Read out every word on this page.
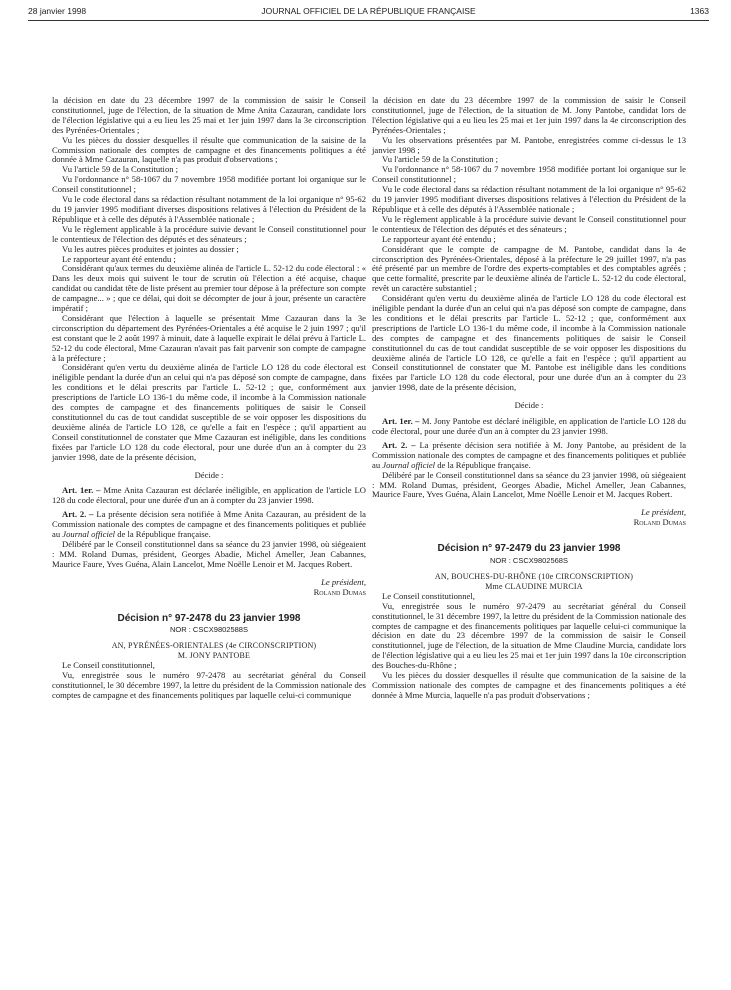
28 janvier 1998	JOURNAL OFFICIEL DE LA RÉPUBLIQUE FRANÇAISE	1363

la décision en date du 23 décembre 1997 de la commission de saisir le Conseil constitutionnel, juge de l'élection, de la situation de Mme Anita Cazauran, candidate lors de l'élection législative qui a eu lieu les 25 mai et 1er juin 1997 dans la 3e circonscription des Pyrénées-Orientales ;

Vu les pièces du dossier desquelles il résulte que communication de la saisine de la Commission nationale des comptes de campagne et des financements politiques a été donnée à Mme Cazauran, laquelle n'a pas produit d'observations ;

Vu l'article 59 de la Constitution ;

Vu l'ordonnance n° 58-1067 du 7 novembre 1958 modifiée portant loi organique sur le Conseil constitutionnel ;

Vu le code électoral dans sa rédaction résultant notamment de la loi organique n° 95-62 du 19 janvier 1995 modifiant diverses dispositions relatives à l'élection du Président de la République et à celle des députés à l'Assemblée nationale ;

Vu le règlement applicable à la procédure suivie devant le Conseil constitutionnel pour le contentieux de l'élection des députés et des sénateurs ;

Vu les autres pièces produites et jointes au dossier ;

Le rapporteur ayant été entendu ;

Considérant qu'aux termes du deuxième alinéa de l'article L. 52-12 du code électoral : « Dans les deux mois qui suivent le tour de scrutin où l'élection a été acquise, chaque candidat ou candidat tête de liste présent au premier tour dépose à la préfecture son compte de campagne... » ; que ce délai, qui doit se décompter de jour à jour, présente un caractère impératif ;

Considérant que l'élection à laquelle se présentait Mme Cazauran dans la 3e circonscription du département des Pyrénées-Orientales a été acquise le 2 juin 1997 ; qu'il est constant que le 2 août 1997 à minuit, date à laquelle expirait le délai prévu à l'article L. 52-12 du code électoral, Mme Cazauran n'avait pas fait parvenir son compte de campagne à la préfecture ;

Considérant qu'en vertu du deuxième alinéa de l'article LO 128 du code électoral est inéligible pendant la durée d'un an celui qui n'a pas déposé son compte de campagne, dans les conditions et le délai prescrits par l'article L. 52-12 ; que, conformément aux prescriptions de l'article LO 136-1 du même code, il incombe à la Commission nationale des comptes de campagne et des financements politiques de saisir le Conseil constitutionnel du cas de tout candidat susceptible de se voir opposer les dispositions du deuxième alinéa de l'article LO 128, ce qu'elle a fait en l'espèce ; qu'il appartient au Conseil constitutionnel de constater que Mme Cazauran est inéligible, dans les conditions fixées par l'article LO 128 du code électoral, pour une durée d'un an à compter du 23 janvier 1998, date de la présente décision,

Décide :

Art. 1er. – Mme Anita Cazauran est déclarée inéligible, en application de l'article LO 128 du code électoral, pour une durée d'un an à compter du 23 janvier 1998.

Art. 2. – La présente décision sera notifiée à Mme Anita Cazauran, au président de la Commission nationale des comptes de campagne et des financements politiques et publiée au Journal officiel de la République française.

Délibéré par le Conseil constitutionnel dans sa séance du 23 janvier 1998, où siégeaient : MM. Roland Dumas, président, Georges Abadie, Michel Ameller, Jean Cabannes, Maurice Faure, Yves Guéna, Alain Lancelot, Mme Noëlle Lenoir et M. Jacques Robert.

Le président,

Roland Dumas

Décision n° 97-2478 du 23 janvier 1998
NOR : CSCX9802588S

AN, PYRÉNÉES-ORIENTALES (4e CIRCONSCRIPTION)

M. JONY PANTOBE

Le Conseil constitutionnel,

Vu, enregistrée sous le numéro 97-2478 au secrétariat général du Conseil constitutionnel, le 30 décembre 1997, la lettre du président de la Commission nationale des comptes de campagne et des financements politiques par laquelle celui-ci communique

la décision en date du 23 décembre 1997 de la commission de saisir le Conseil constitutionnel, juge de l'élection, de la situation de M. Jony Pantobe, candidat lors de l'élection législative qui a eu lieu les 25 mai et 1er juin 1997 dans la 4e circonscription des Pyrénées-Orientales ;

Vu les observations présentées par M. Pantobe, enregistrées comme ci-dessus le 13 janvier 1998 ;

Vu l'article 59 de la Constitution ;

Vu l'ordonnance n° 58-1067 du 7 novembre 1958 modifiée portant loi organique sur le Conseil constitutionnel ;

Vu le code électoral dans sa rédaction résultant notamment de la loi organique n° 95-62 du 19 janvier 1995 modifiant diverses dispositions relatives à l'élection du Président de la République et à celle des députés à l'Assemblée nationale ;

Vu le règlement applicable à la procédure suivie devant le Conseil constitutionnel pour le contentieux de l'élection des députés et des sénateurs ;

Le rapporteur ayant été entendu ;

Considérant que le compte de campagne de M. Pantobe, candidat dans la 4e circonscription des Pyrénées-Orientales, déposé à la préfecture le 29 juillet 1997, n'a pas été présenté par un membre de l'ordre des experts-comptables et des comptables agréés ; que cette formalité, prescrite par le deuxième alinéa de l'article L. 52-12 du code électoral, revêt un caractère substantiel ;

Considérant qu'en vertu du deuxième alinéa de l'article LO 128 du code électoral est inéligible pendant la durée d'un an celui qui n'a pas déposé son compte de campagne, dans les conditions et le délai prescrits par l'article L. 52-12 ; que, conformément aux prescriptions de l'article LO 136-1 du même code, il incombe à la Commission nationale des comptes de campagne et des financements politiques de saisir le Conseil constitutionnel du cas de tout candidat susceptible de se voir opposer les dispositions du deuxième alinéa de l'article LO 128, ce qu'elle a fait en l'espèce ; qu'il appartient au Conseil constitutionnel de constater que M. Pantobe est inéligible dans les conditions fixées par l'article LO 128 du code électoral, pour une durée d'un an à compter du 23 janvier 1998, date de la présente décision,

Décide :

Art. 1er. – M. Jony Pantobe est déclaré inéligible, en application de l'article LO 128 du code électoral, pour une durée d'un an à compter du 23 janvier 1998.

Art. 2. – La présente décision sera notifiée à M. Jony Pantobe, au président de la Commission nationale des comptes de campagne et des financements politiques et publiée au Journal officiel de la République française.

Délibéré par le Conseil constitutionnel dans sa séance du 23 janvier 1998, où siégeaient : MM. Roland Dumas, président, Georges Abadie, Michel Ameller, Jean Cabannes, Maurice Faure, Yves Guéna, Alain Lancelot, Mme Noëlle Lenoir et M. Jacques Robert.

Le président,

Roland Dumas

Décision n° 97-2479 du 23 janvier 1998
NOR : CSCX9802568S

AN, BOUCHES-DU-RHÔNE (10e CIRCONSCRIPTION)

Mme CLAUDINE MURCIA

Le Conseil constitutionnel,

Vu, enregistrée sous le numéro 97-2479 au secrétariat général du Conseil constitutionnel, le 31 décembre 1997, la lettre du président de la Commission nationale des comptes de campagne et des financements politiques par laquelle celui-ci communique la décision en date du 23 décembre 1997 de la commission de saisir le Conseil constitutionnel, juge de l'élection, de la situation de Mme Claudine Murcia, candidate lors de l'élection législative qui a eu lieu les 25 mai et 1er juin 1997 dans la 10e circonscription des Bouches-du-Rhône ;

Vu les pièces du dossier desquelles il résulte que communication de la saisine de la Commission nationale des comptes de campagne et des financements politiques a été donnée à Mme Murcia, laquelle n'a pas produit d'observations ;
